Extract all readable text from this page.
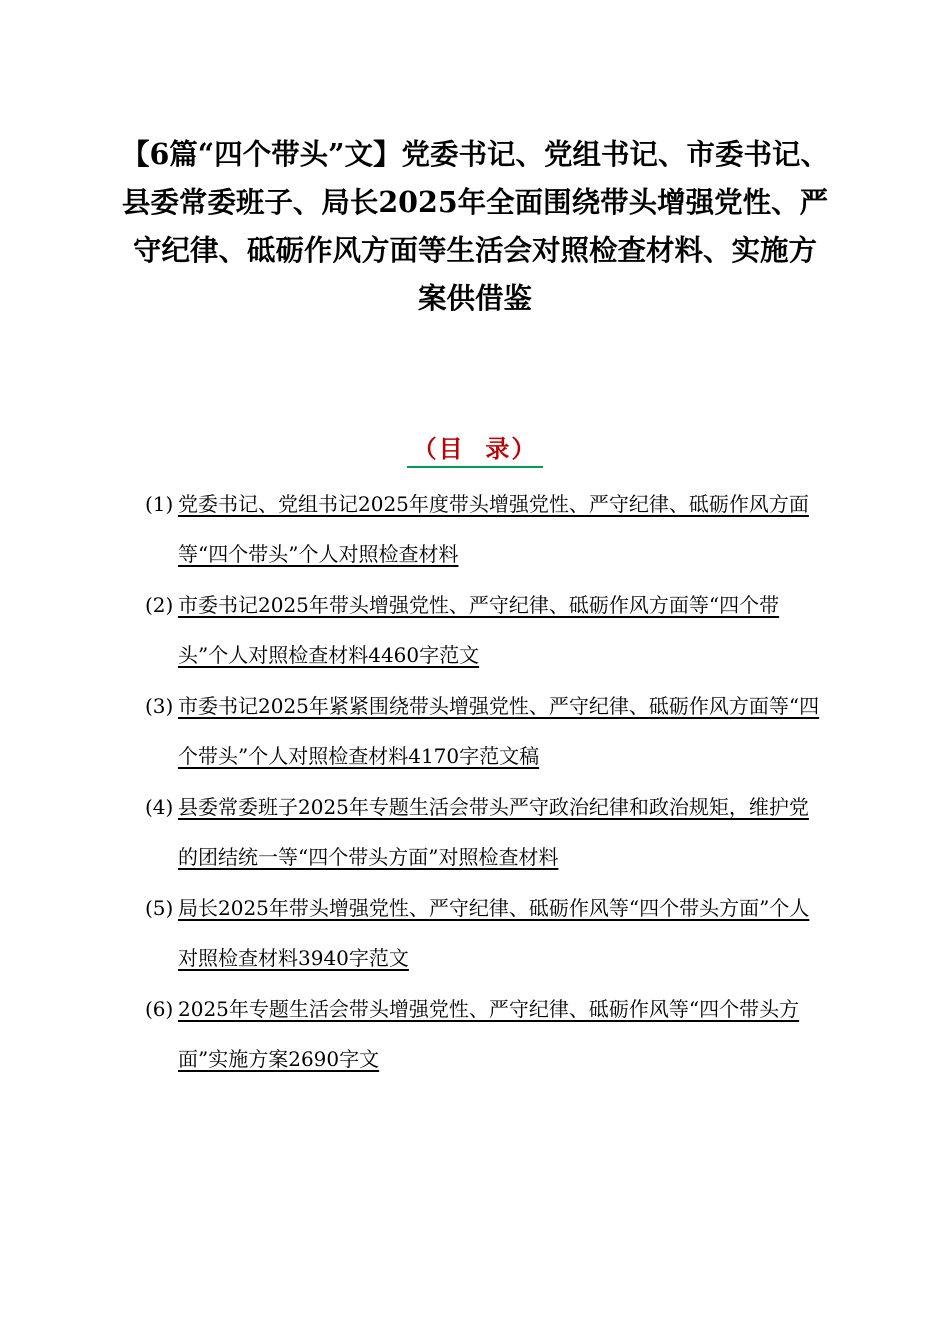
【6篇“四个带头”文】党委书记、党组书记、市委书记、县委常委班子、局长2025年全面围绕带头增强党性、严守纪律、砥砺作风方面等生活会对照检查材料、实施方案供借鉴
（目  录）
(1) 党委书记、党组书记2025年度带头增强党性、严守纪律、砥砺作风方面等“四个带头”个人对照检查材料
(2) 市委书记2025年带头增强党性、严守纪律、砥砺作风方面等“四个带头”个人对照检查材料4460字范文
(3) 市委书记2025年紧紧围绕带头增强党性、严守纪律、砥砺作风方面等“四个带头”个人对照检查材料4170字范文稿
(4) 县委常委班子2025年专题生活会带头严守政治纪律和政治规矩，维护党的团结统一等“四个带头方面”对照检查材料
(5) 局长2025年带头增强党性、严守纪律、砥砺作风等“四个带头方面”个人对照检查材料3940字范文
(6) 2025年专题生活会带头增强党性、严守纪律、砥砺作风等“四个带头方面”实施方案2690字文
